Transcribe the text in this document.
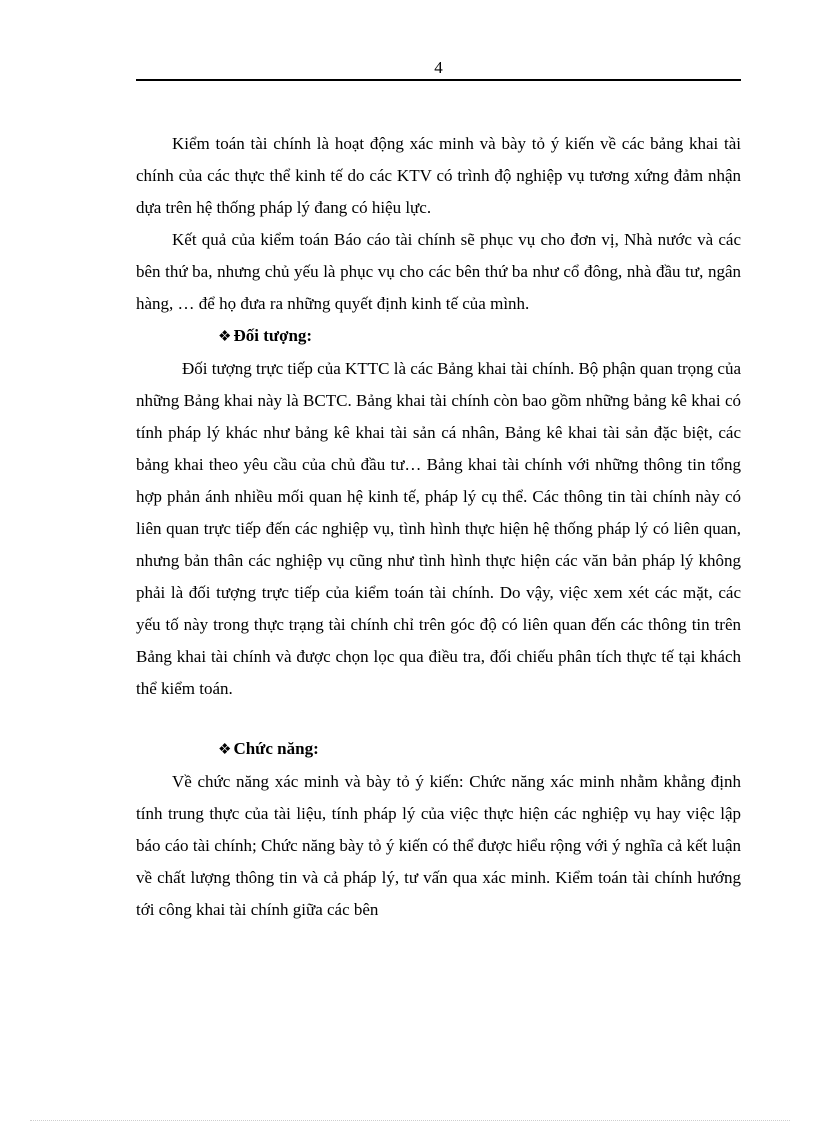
4

Kiểm toán tài chính là hoạt động xác minh và bày tỏ ý kiến về các bảng khai tài chính của các thực thể kinh tế do các KTV có trình độ nghiệp vụ tương xứng đảm nhận dựa trên hệ thống pháp lý đang có hiệu lực.

Kết quả của kiểm toán Báo cáo tài chính sẽ phục vụ cho đơn vị, Nhà nước và các bên thứ ba, nhưng chủ yếu là phục vụ cho các bên thứ ba như cổ đông, nhà đầu tư, ngân hàng, … để họ đưa ra những quyết định kinh tế của mình.

❖ Đối tượng:

Đối tượng trực tiếp của KTTC là các Bảng khai tài chính. Bộ phận quan trọng của những Bảng khai này là BCTC. Bảng khai tài chính còn bao gồm những bảng kê khai có tính pháp lý khác như bảng kê khai tài sản cá nhân, Bảng kê khai tài sản đặc biệt, các bảng khai theo yêu cầu của chủ đầu tư… Bảng khai tài chính với những thông tin tổng hợp phản ánh nhiều mối quan hệ kinh tế, pháp lý cụ thể. Các thông tin tài chính này có liên quan trực tiếp đến các nghiệp vụ, tình hình thực hiện hệ thống pháp lý có liên quan, nhưng bản thân các nghiệp vụ cũng như tình hình thực hiện các văn bản pháp lý không phải là đối tượng trực tiếp của kiểm toán tài chính. Do vậy, việc xem xét các mặt, các yếu tố này trong thực trạng tài chính chỉ trên góc độ có liên quan đến các thông tin trên Bảng khai tài chính và được chọn lọc qua điều tra, đối chiếu phân tích thực tế tại khách thể kiểm toán.

❖ Chức năng:

Về chức năng xác minh và bày tỏ ý kiến: Chức năng xác minh nhằm khẳng định tính trung thực của tài liệu, tính pháp lý của việc thực hiện các nghiệp vụ hay việc lập báo cáo tài chính; Chức năng bày tỏ ý kiến có thể được hiểu rộng với ý nghĩa cả kết luận về chất lượng thông tin và cả pháp lý, tư vấn qua xác minh. Kiểm toán tài chính hướng tới công khai tài chính giữa các bên
